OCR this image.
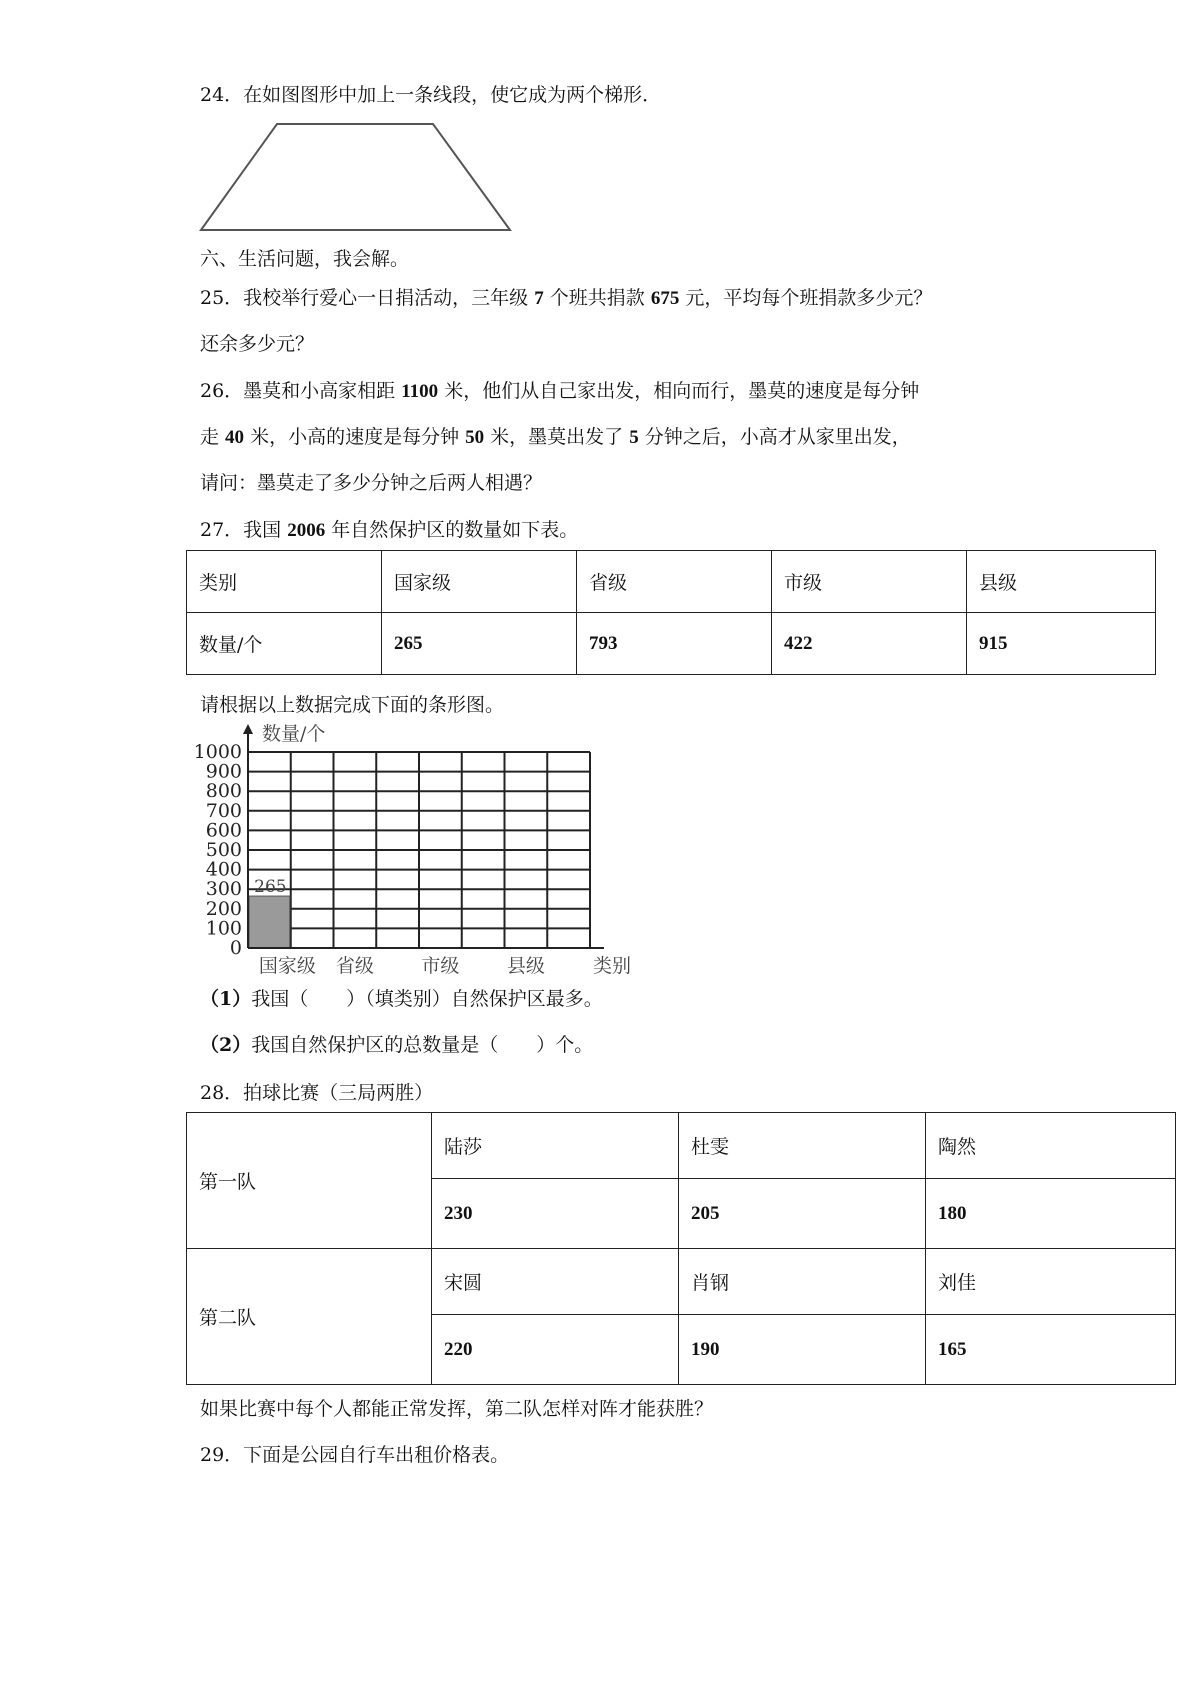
24．在如图图形中加上一条线段，使它成为两个梯形．
六、生活问题，我会解。
25．我校举行爱心一日捐活动，三年级 7 个班共捐款 675 元，平均每个班捐款多少元？
还余多少元？
26．墨莫和小高家相距 1100 米，他们从自己家出发，相向而行，墨莫的速度是每分钟
走 40 米，小高的速度是每分钟 50 米，墨莫出发了 5 分钟之后，小高才从家里出发，
请问：墨莫走了多少分钟之后两人相遇？
27．我国 2006 年自然保护区的数量如下表。
类别	国家级	省级	市级	县级
数量/个	265	793	422	915
请根据以上数据完成下面的条形图。
0
100
200
300
400
500
600
700
800
900
1000
265
数量/个
国家级 省级 市级 县级	类别
（1）我国（　　）（填类别）自然保护区最多。
（2）我国自然保护区的总数量是（　　）个。
28．拍球比赛（三局两胜）
第一队	陆莎	杜雯	陶然
	230	205	180
第二队	宋圆	肖钢	刘佳
	220	190	165
如果比赛中每个人都能正常发挥，第二队怎样对阵才能获胜？
29．下面是公园自行车出租价格表。
